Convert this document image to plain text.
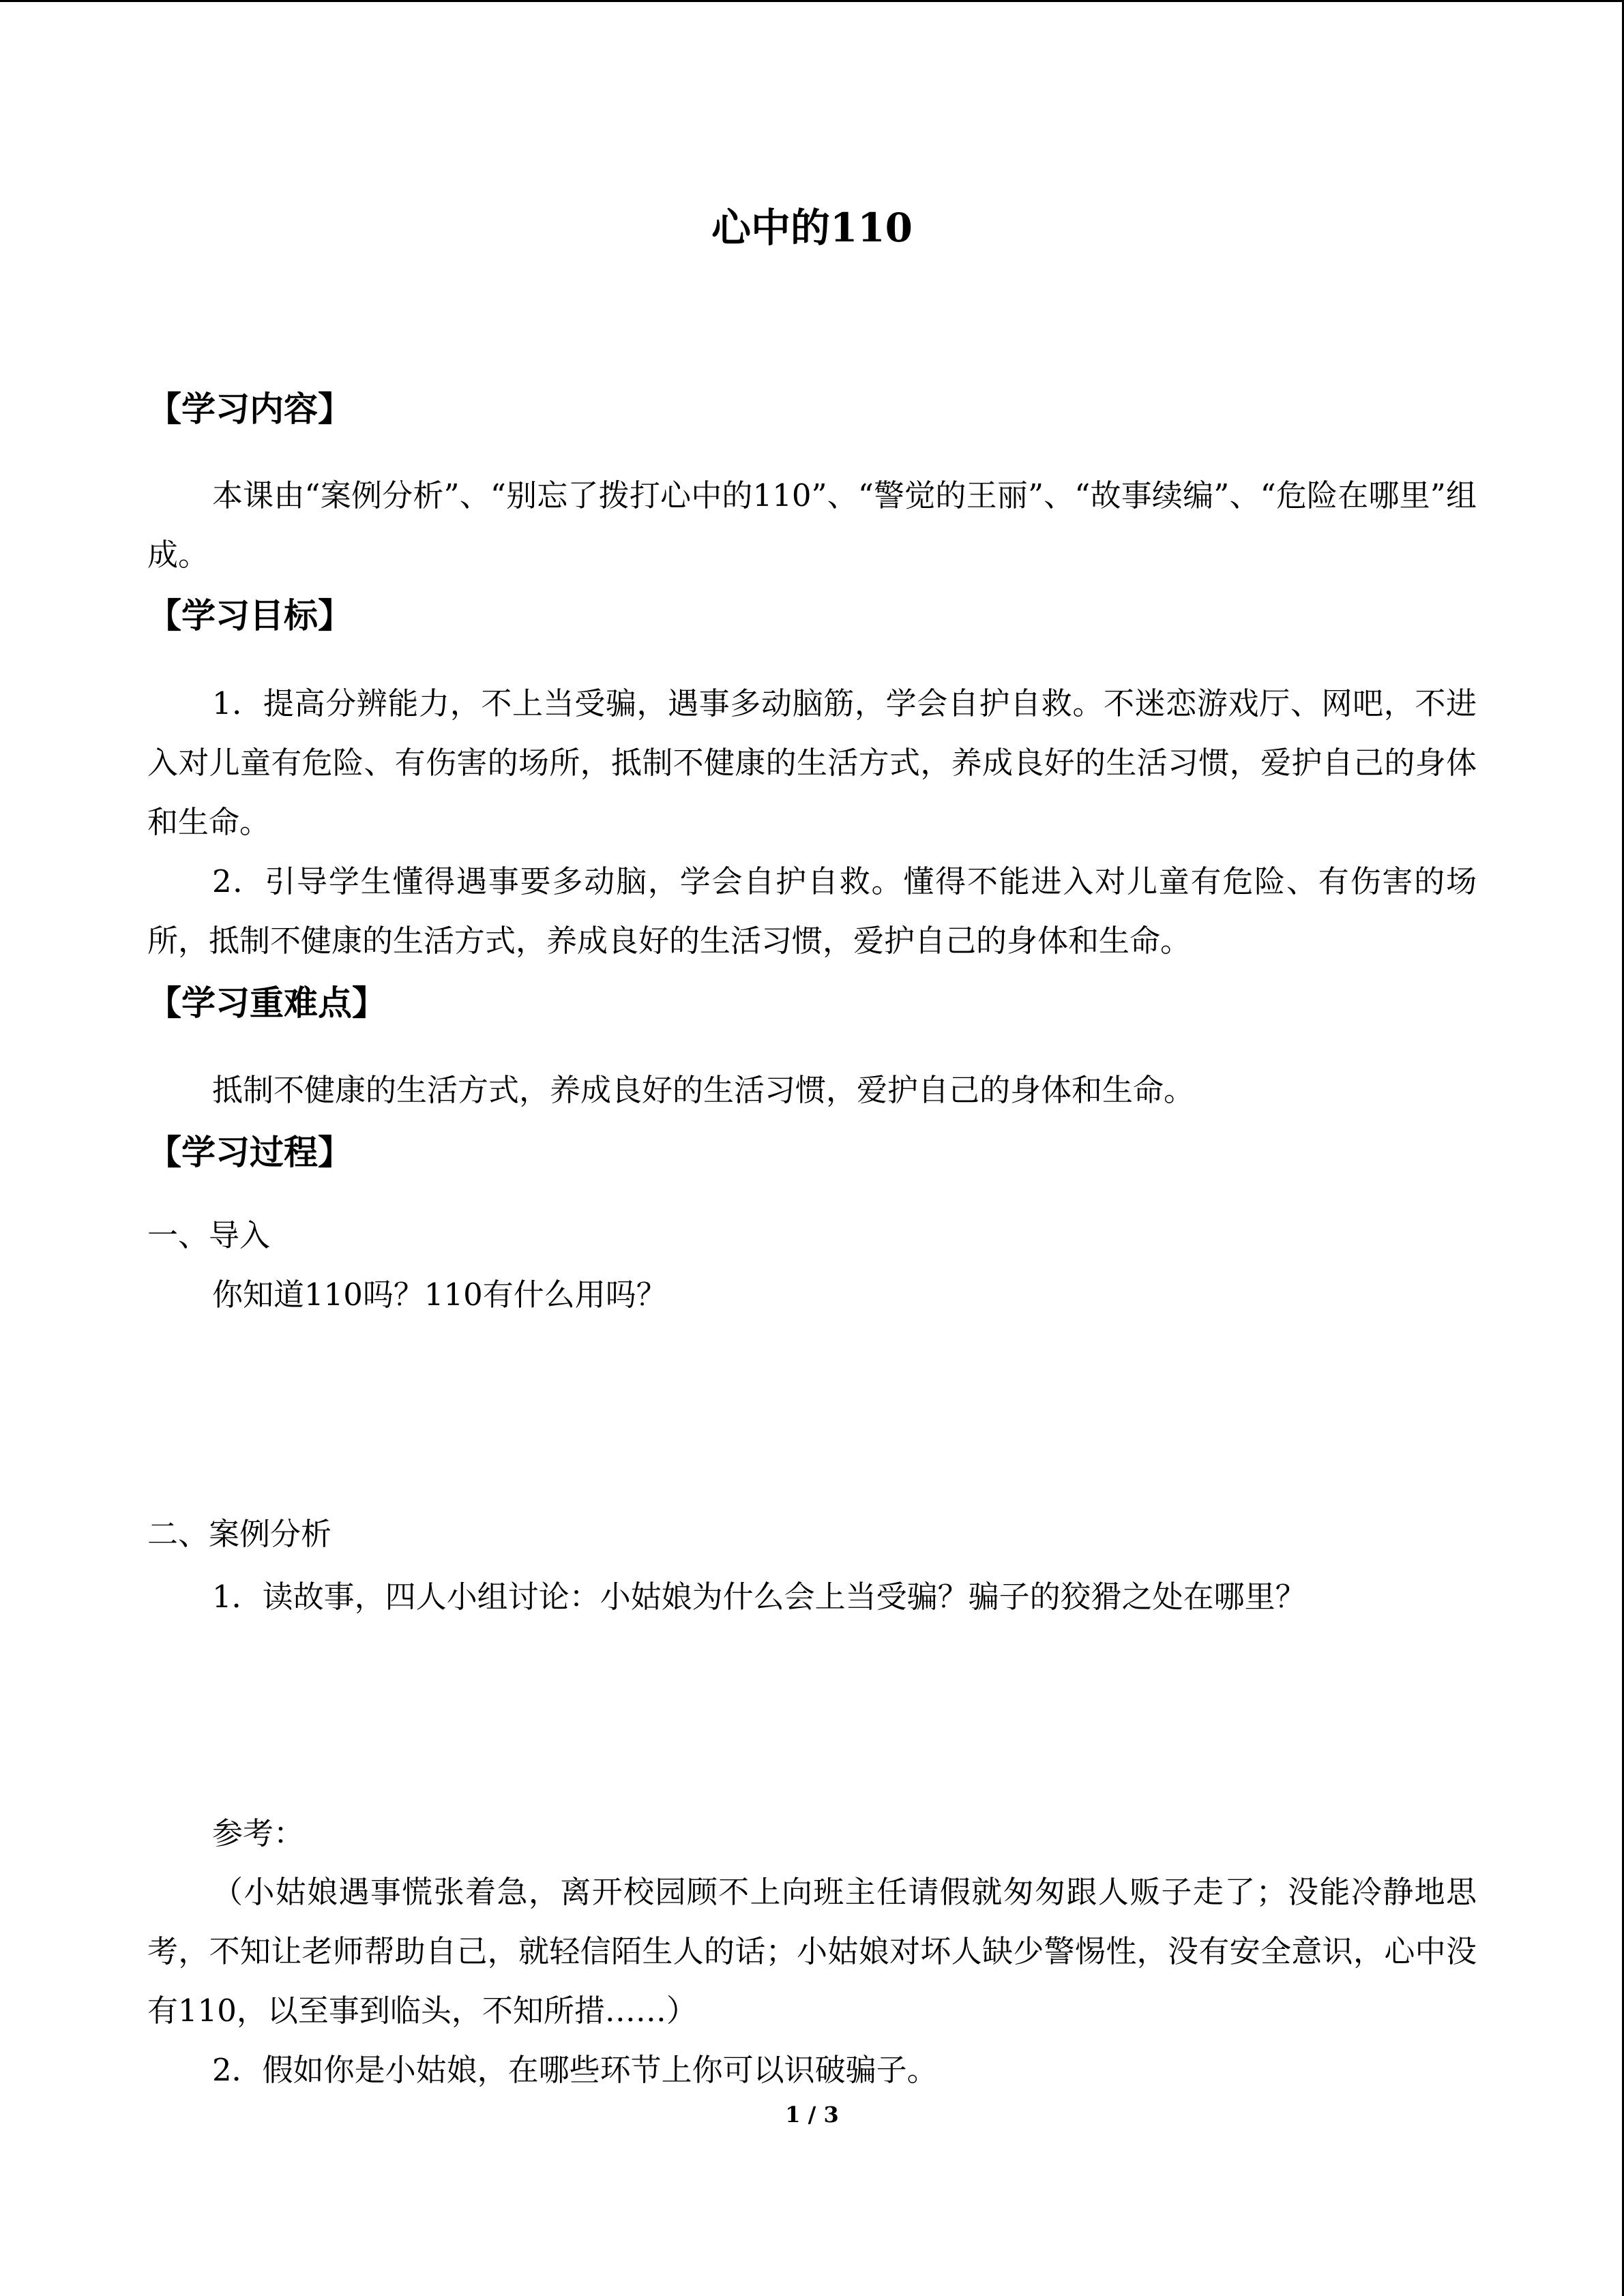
心中的110
【学习内容】
本课由“案例分析”、“别忘了拨打心中的110”、“警觉的王丽”、“故事续编”、“危险在哪里”组成。
【学习目标】
1．提高分辨能力，不上当受骗，遇事多动脑筋，学会自护自救。不迷恋游戏厅、网吧，不进入对儿童有危险、有伤害的场所，抵制不健康的生活方式，养成良好的生活习惯，爱护自己的身体和生命。
2．引导学生懂得遇事要多动脑，学会自护自救。懂得不能进入对儿童有危险、有伤害的场所，抵制不健康的生活方式，养成良好的生活习惯，爱护自己的身体和生命。
【学习重难点】
抵制不健康的生活方式，养成良好的生活习惯，爱护自己的身体和生命。
【学习过程】
一、导入
你知道110吗？110有什么用吗？
二、案例分析
1．读故事，四人小组讨论：小姑娘为什么会上当受骗？骗子的狡猾之处在哪里？
参考：
（小姑娘遇事慌张着急，离开校园顾不上向班主任请假就匆匆跟人贩子走了；没能冷静地思考，不知让老师帮助自己，就轻信陌生人的话；小姑娘对坏人缺少警惕性，没有安全意识，心中没有110，以至事到临头，不知所措……）
2．假如你是小姑娘，在哪些环节上你可以识破骗子。
1 / 3
